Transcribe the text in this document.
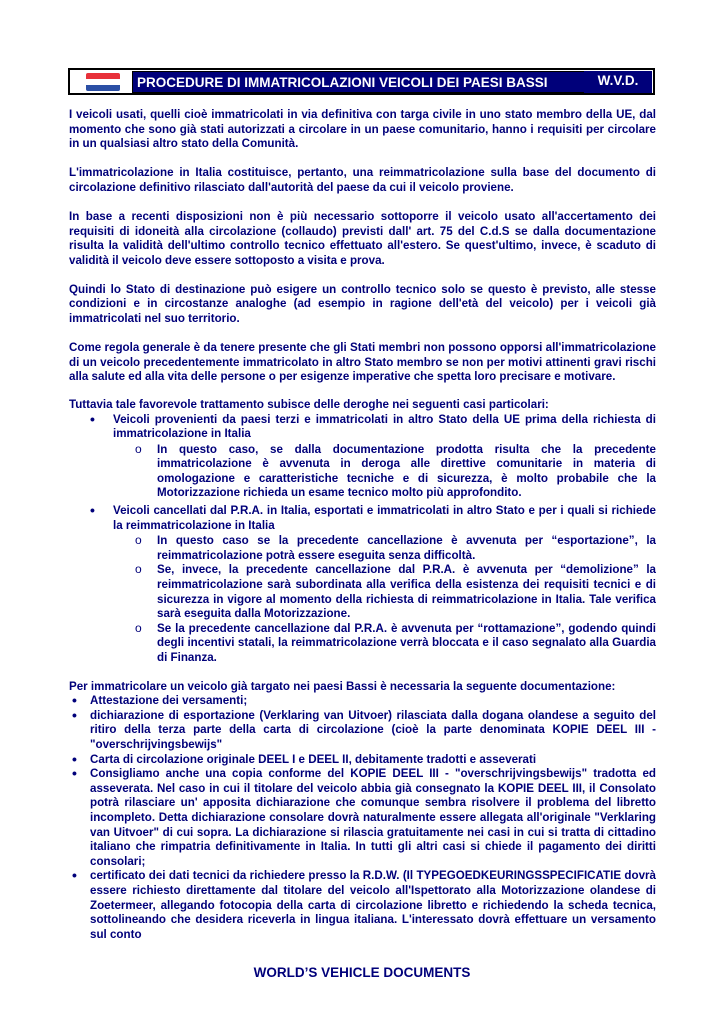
PROCEDURE DI IMMATRICOLAZIONI VEICOLI DEI PAESI BASSI	W.V.D.

I veicoli usati, quelli cioè immatricolati in via definitiva con targa civile in uno stato membro della UE, dal momento che sono già stati autorizzati a circolare in un paese comunitario, hanno i requisiti per circolare in un qualsiasi altro stato della Comunità.

L'immatricolazione in Italia costituisce, pertanto, una reimmatricolazione sulla base del documento di circolazione definitivo rilasciato dall'autorità del paese da cui il veicolo proviene.

In base a recenti disposizioni non è più necessario sottoporre il veicolo usato all'accertamento dei requisiti di idoneità alla circolazione (collaudo) previsti dall' art. 75 del C.d.S se dalla documentazione risulta la validità dell'ultimo controllo tecnico effettuato all'estero. Se quest'ultimo, invece, è scaduto di validità il veicolo deve essere sottoposto a visita e prova.

Quindi lo Stato di destinazione può esigere un controllo tecnico solo se questo è previsto, alle stesse condizioni e in circostanze analoghe (ad esempio in ragione dell'età del veicolo) per i veicoli già immatricolati nel suo territorio.

Come regola generale è da tenere presente che gli Stati membri non possono opporsi all'immatricolazione di un veicolo precedentemente immatricolato in altro Stato membro se non per motivi attinenti gravi rischi alla salute ed alla vita delle persone o per esigenze imperative che spetta loro precisare e motivare.

Tuttavia tale favorevole trattamento subisce delle deroghe nei seguenti casi particolari:

• Veicoli provenienti da paesi terzi e immatricolati in altro Stato della UE prima della richiesta di immatricolazione in Italia
o In questo caso, se dalla documentazione prodotta risulta che la precedente immatricolazione è avvenuta in deroga alle direttive comunitarie in materia di omologazione e caratteristiche tecniche e di sicurezza, è molto probabile che la Motorizzazione richieda un esame tecnico molto più approfondito.
• Veicoli cancellati dal P.R.A. in Italia, esportati e immatricolati in altro Stato e per i quali si richiede la reimmatricolazione in Italia
o In questo caso se la precedente cancellazione è avvenuta per “esportazione”, la reimmatricolazione potrà essere eseguita senza difficoltà.
o Se, invece, la precedente cancellazione dal P.R.A. è avvenuta per “demolizione” la reimmatricolazione sarà subordinata alla verifica della esistenza dei requisiti tecnici e di sicurezza in vigore al momento della richiesta di reimmatricolazione in Italia. Tale verifica sarà eseguita dalla Motorizzazione.
o Se la precedente cancellazione dal P.R.A. è avvenuta per “rottamazione”, godendo quindi degli incentivi statali, la reimmatricolazione verrà bloccata e il caso segnalato alla Guardia di Finanza.

Per immatricolare un veicolo già targato nei paesi Bassi è necessaria la seguente documentazione:

• Attestazione dei versamenti;
• dichiarazione di esportazione (Verklaring van Uitvoer) rilasciata dalla dogana olandese a seguito del ritiro della terza parte della carta di circolazione (cioè la parte denominata KOPIE DEEL III - "overschrijvingsbewijs"
• Carta di circolazione originale DEEL I e DEEL II, debitamente tradotti e asseverati
• Consigliamo anche una copia conforme del KOPIE DEEL III - "overschrijvingsbewijs" tradotta ed asseverata. Nel caso in cui il titolare del veicolo abbia già consegnato la KOPIE DEEL III, il Consolato potrà rilasciare un' apposita dichiarazione che comunque sembra risolvere il problema del libretto incompleto. Detta dichiarazione consolare dovrà naturalmente essere allegata all'originale "Verklaring van Uitvoer" di cui sopra. La dichiarazione si rilascia gratuitamente nei casi in cui si tratta di cittadino italiano che rimpatria definitivamente in Italia. In tutti gli altri casi si chiede il pagamento dei diritti consolari;
• certificato dei dati tecnici da richiedere presso la R.D.W. (Il TYPEGOEDKEURINGSSPECIFICATIE dovrà essere richiesto direttamente dal titolare del veicolo all'Ispettorato alla Motorizzazione olandese di Zoetermeer, allegando fotocopia della carta di circolazione libretto e richiedendo la scheda tecnica, sottolineando che desidera riceverla in lingua italiana. L'interessato dovrà effettuare un versamento sul conto
WORLD’S VEHICLE DOCUMENTS
